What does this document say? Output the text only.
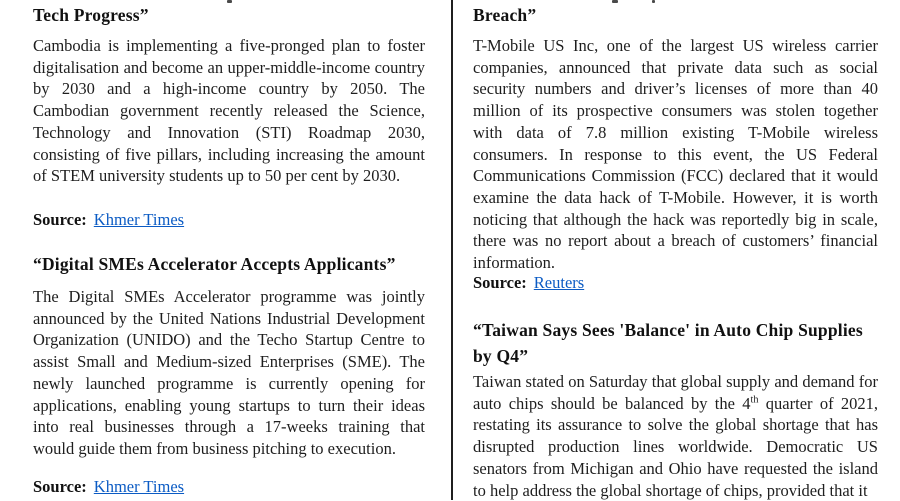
Tech Progress”
Cambodia is implementing a five-pronged plan to foster digitalisation and become an upper-middle-income country by 2030 and a high-income country by 2050. The Cambodian government recently released the Science, Technology and Innovation (STI) Roadmap 2030, consisting of five pillars, including increasing the amount of STEM university students up to 50 per cent by 2030.
Source: Khmer Times
“Digital SMEs Accelerator Accepts Applicants”
The Digital SMEs Accelerator programme was jointly announced by the United Nations Industrial Development Organization (UNIDO) and the Techo Startup Centre to assist Small and Medium-sized Enterprises (SME). The newly launched programme is currently opening for applications, enabling young startups to turn their ideas into real businesses through a 17-weeks training that would guide them from business pitching to execution.
Source: Khmer Times
Breach”
T-Mobile US Inc, one of the largest US wireless carrier companies, announced that private data such as social security numbers and driver’s licenses of more than 40 million of its prospective consumers was stolen together with data of 7.8 million existing T-Mobile wireless consumers. In response to this event, the US Federal Communications Commission (FCC) declared that it would examine the data hack of T-Mobile. However, it is worth noticing that although the hack was reportedly big in scale, there was no report about a breach of customers’ financial information.
Source: Reuters
“Taiwan Says Sees 'Balance' in Auto Chip Supplies by Q4”
Taiwan stated on Saturday that global supply and demand for auto chips should be balanced by the 4th quarter of 2021, restating its assurance to solve the global shortage that has disrupted production lines worldwide. Democratic US senators from Michigan and Ohio have requested the island to help address the global shortage of chips, provided that it
